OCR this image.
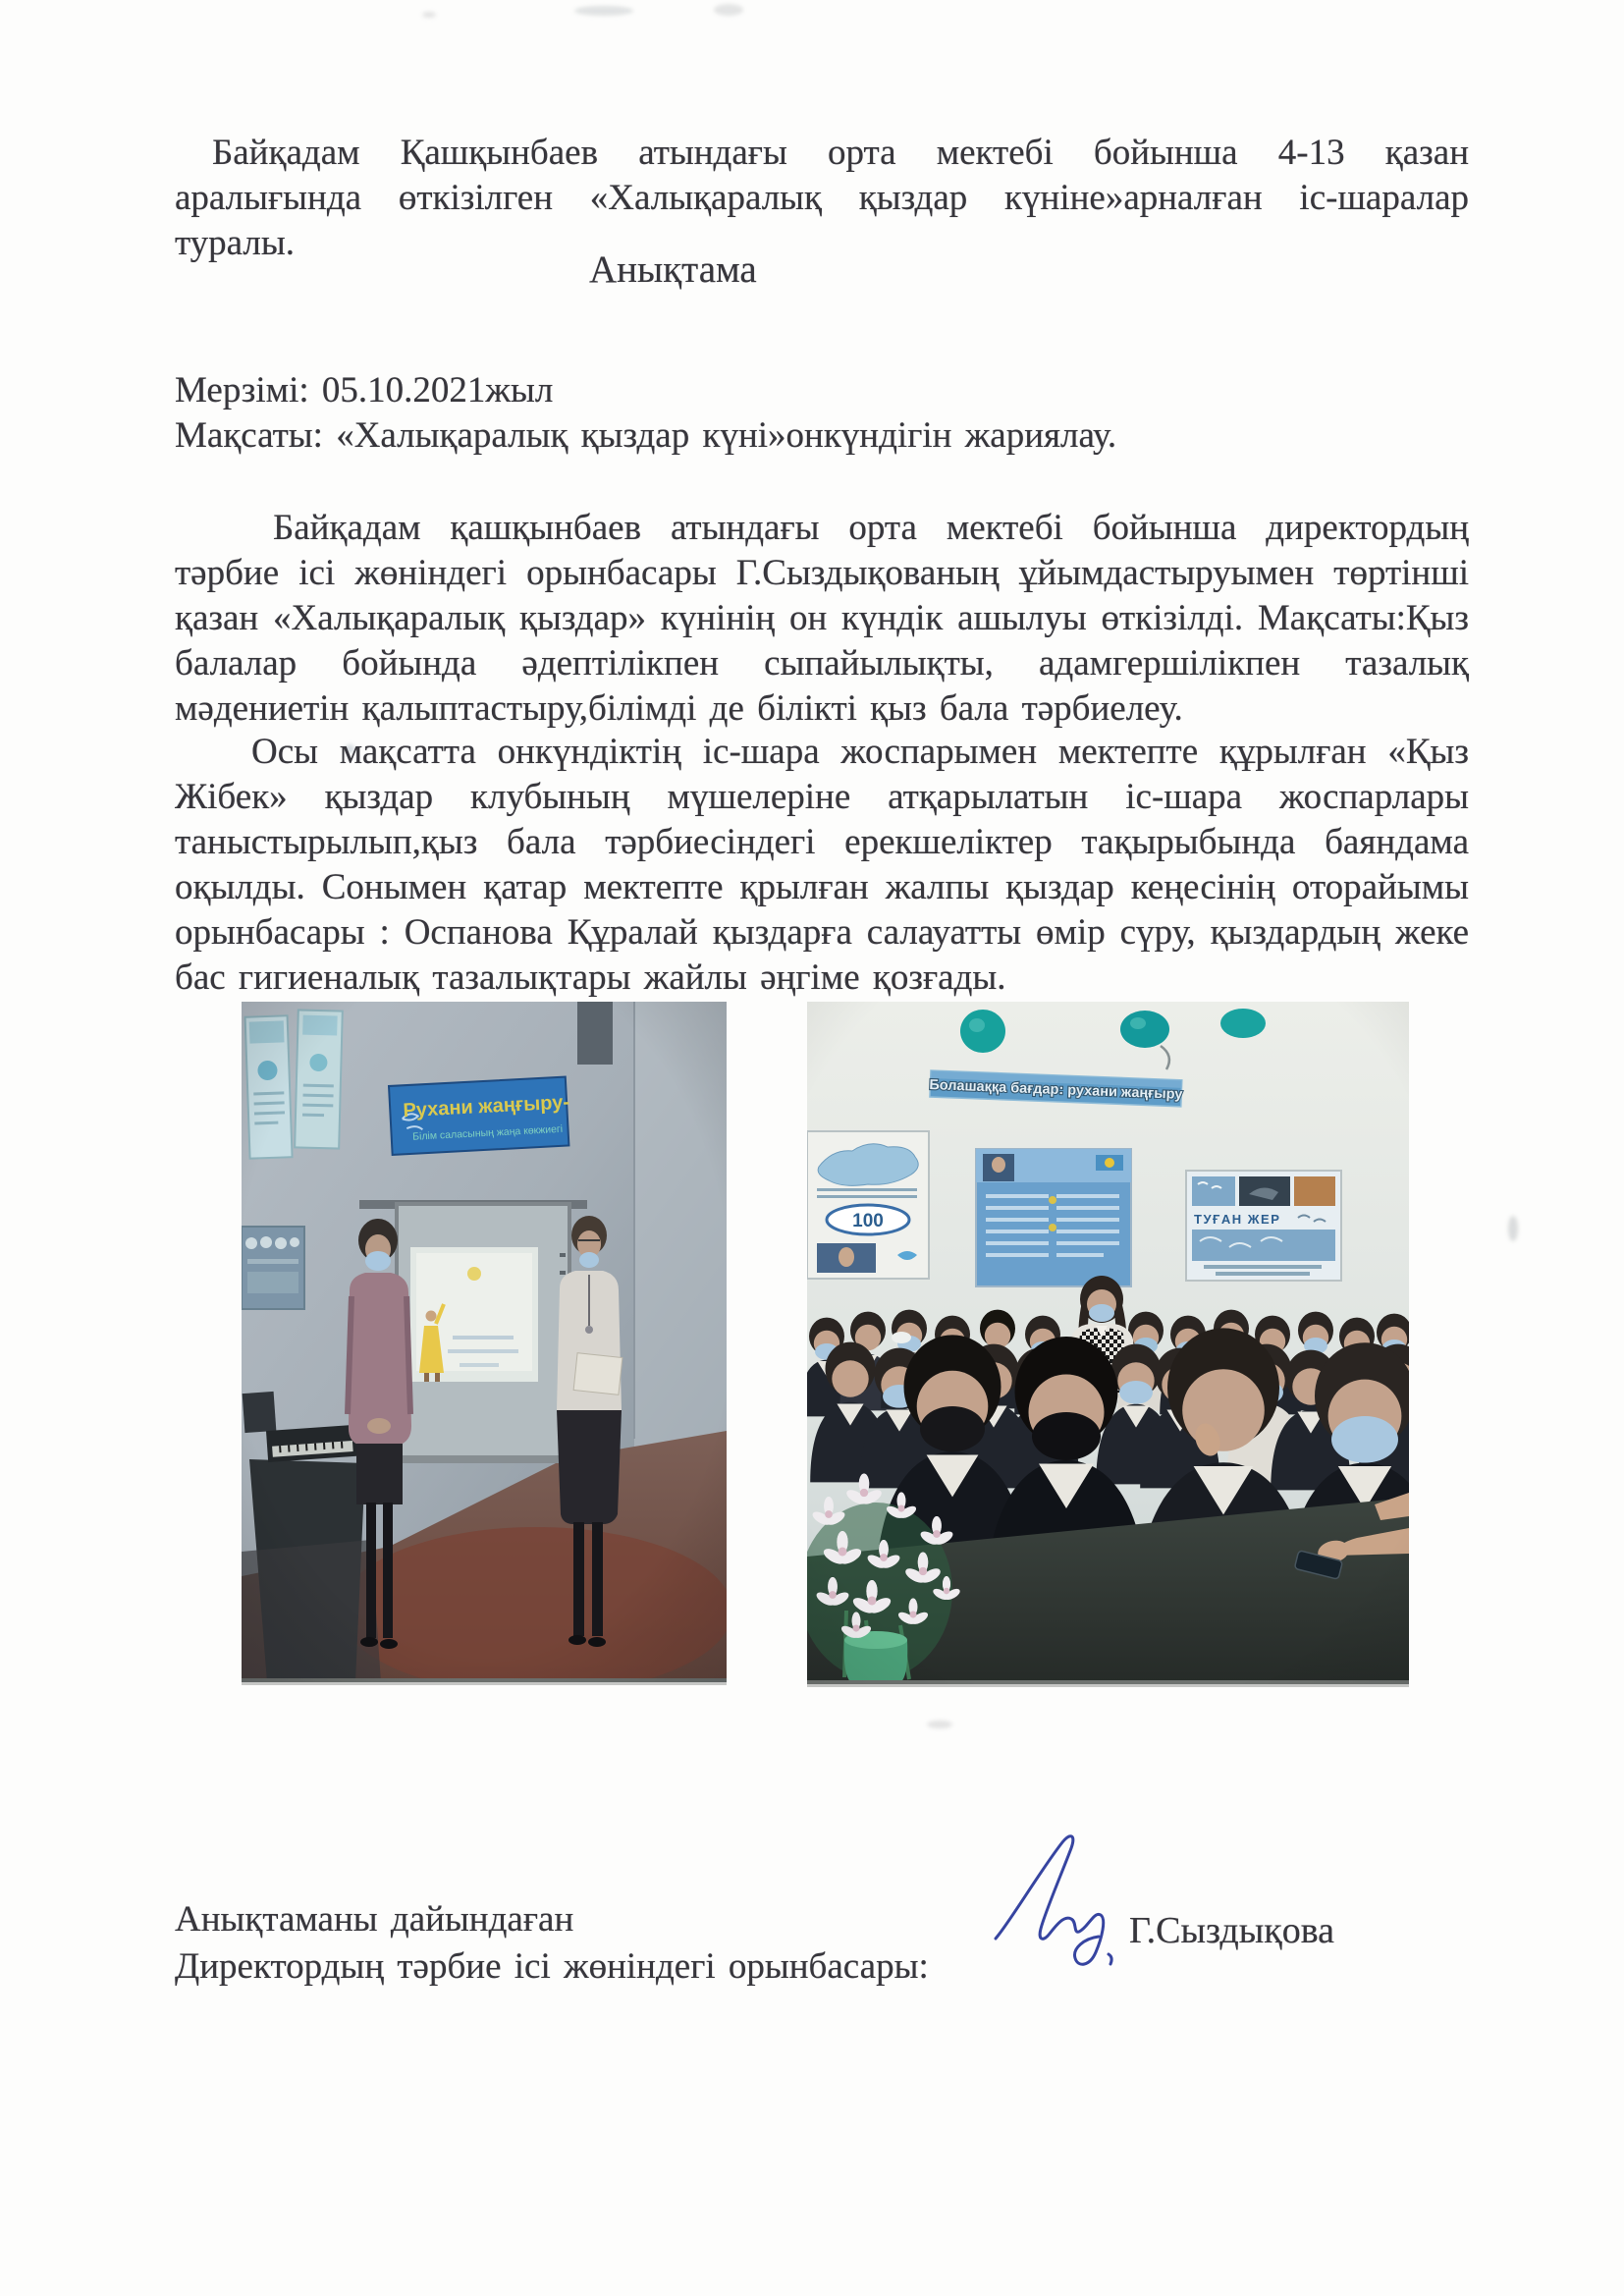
Байқадам Қашқынбаев атындағы орта мектебі бойынша 4-13 қазан аралығында өткізілген «Халықаралық қыздар күніне»арналған іс-шаралар туралы.

Анықтама

Мерзімі: 05.10.2021жыл

Мақсаты: «Халықаралық қыздар күні»онкүндігін жариялау.

Байқадам қашқынбаев атындағы орта мектебі бойынша директордың тәрбие ісі жөніндегі орынбасары Г.Сыздықованың ұйымдастыруымен төртінші қазан «Халықаралық қыздар» күнінің он күндік ашылуы өткізілді. Мақсаты:Қыз балалар бойында әдептілікпен сыпайылықты, адамгершілікпен тазалық мәдениетін қалыптастыру,білімді де білікті қыз бала тәрбиелеу.

Осы мақсатта онкүндіктің іс-шара жоспарымен мектепте құрылған «Қыз Жібек» қыздар клубының мүшелеріне атқарылатын іс-шара жоспарлары таныстырылып,қыз бала тәрбиесіндегі ерекшеліктер тақырыбында баяндама оқылды. Сонымен қатар мектепте қрылған жалпы қыздар кеңесінің оторайымы орынбасары : Оспанова Құралай қыздарға салауатты өмір сүру, қыздардың жеке бас гигиеналық тазалықтары жайлы әңгіме қозғады.

Анықтаманы дайындаған
Директордың тәрбие ісі жөніндегі орынбасары:

Г.Сыздықова
